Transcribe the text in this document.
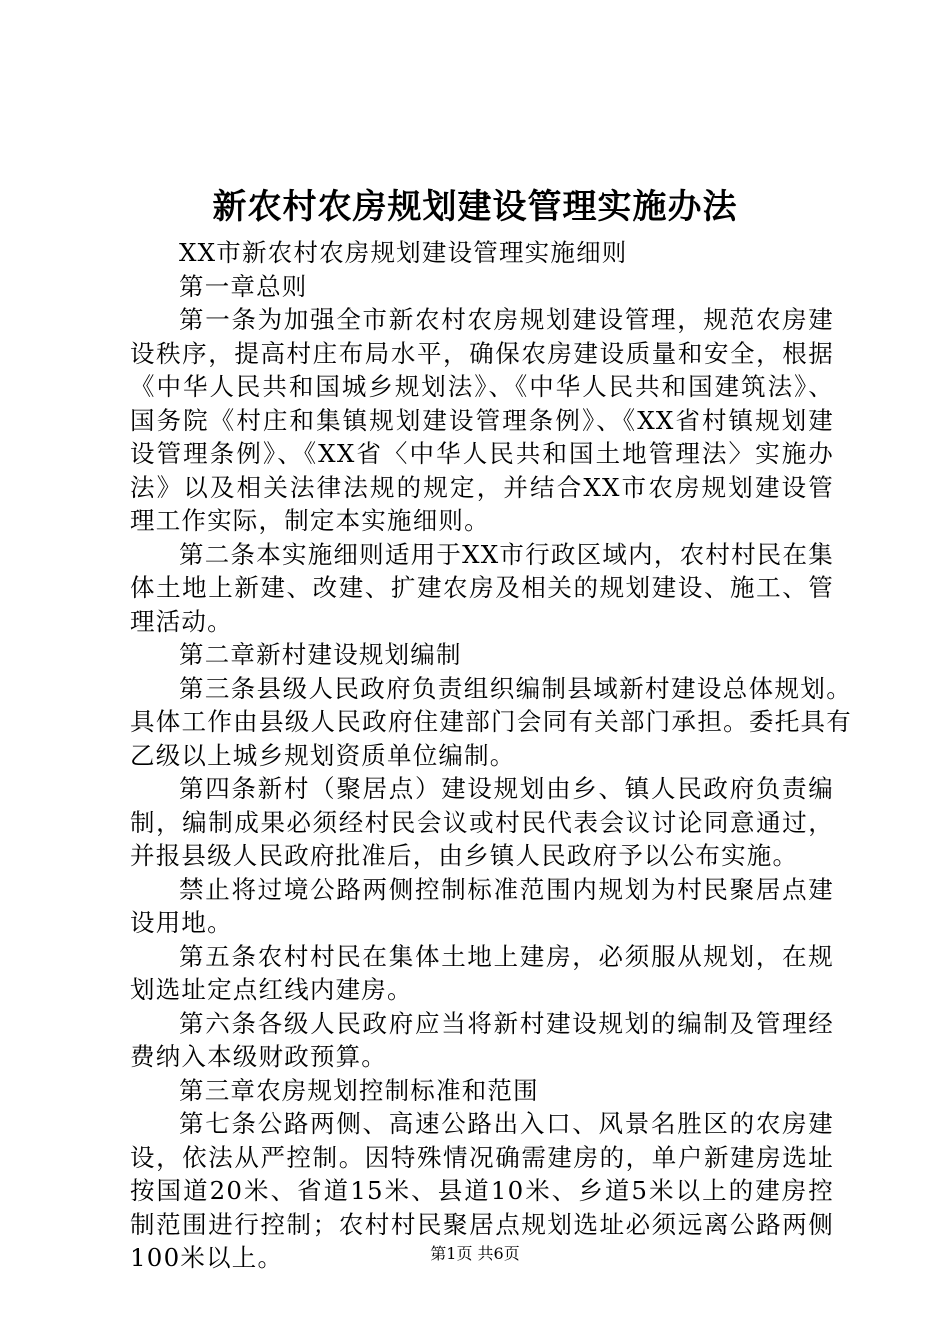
新农村农房规划建设管理实施办法

XX市新农村农房规划建设管理实施细则

第一章总则

第一条为加强全市新农村农房规划建设管理，规范农房建设秩序，提高村庄布局水平，确保农房建设质量和安全，根据《中华人民共和国城乡规划法》、《中华人民共和国建筑法》、国务院《村庄和集镇规划建设管理条例》、《XX省村镇规划建设管理条例》、《XX省〈中华人民共和国土地管理法〉实施办法》以及相关法律法规的规定，并结合XX市农房规划建设管理工作实际，制定本实施细则。

第二条本实施细则适用于XX市行政区域内，农村村民在集体土地上新建、改建、扩建农房及相关的规划建设、施工、管理活动。

第二章新村建设规划编制

第三条县级人民政府负责组织编制县域新村建设总体规划。具体工作由县级人民政府住建部门会同有关部门承担。委托具有乙级以上城乡规划资质单位编制。

第四条新村（聚居点）建设规划由乡、镇人民政府负责编制，编制成果必须经村民会议或村民代表会议讨论同意通过，并报县级人民政府批准后，由乡镇人民政府予以公布实施。

禁止将过境公路两侧控制标准范围内规划为村民聚居点建设用地。

第五条农村村民在集体土地上建房，必须服从规划，在规划选址定点红线内建房。

第六条各级人民政府应当将新村建设规划的编制及管理经费纳入本级财政预算。

第三章农房规划控制标准和范围

第七条公路两侧、高速公路出入口、风景名胜区的农房建设，依法从严控制。因特殊情况确需建房的，单户新建房选址按国道20米、省道15米、县道10米、乡道5米以上的建房控制范围进行控制；农村村民聚居点规划选址必须远离公路两侧100米以上。	第1页 共6页
